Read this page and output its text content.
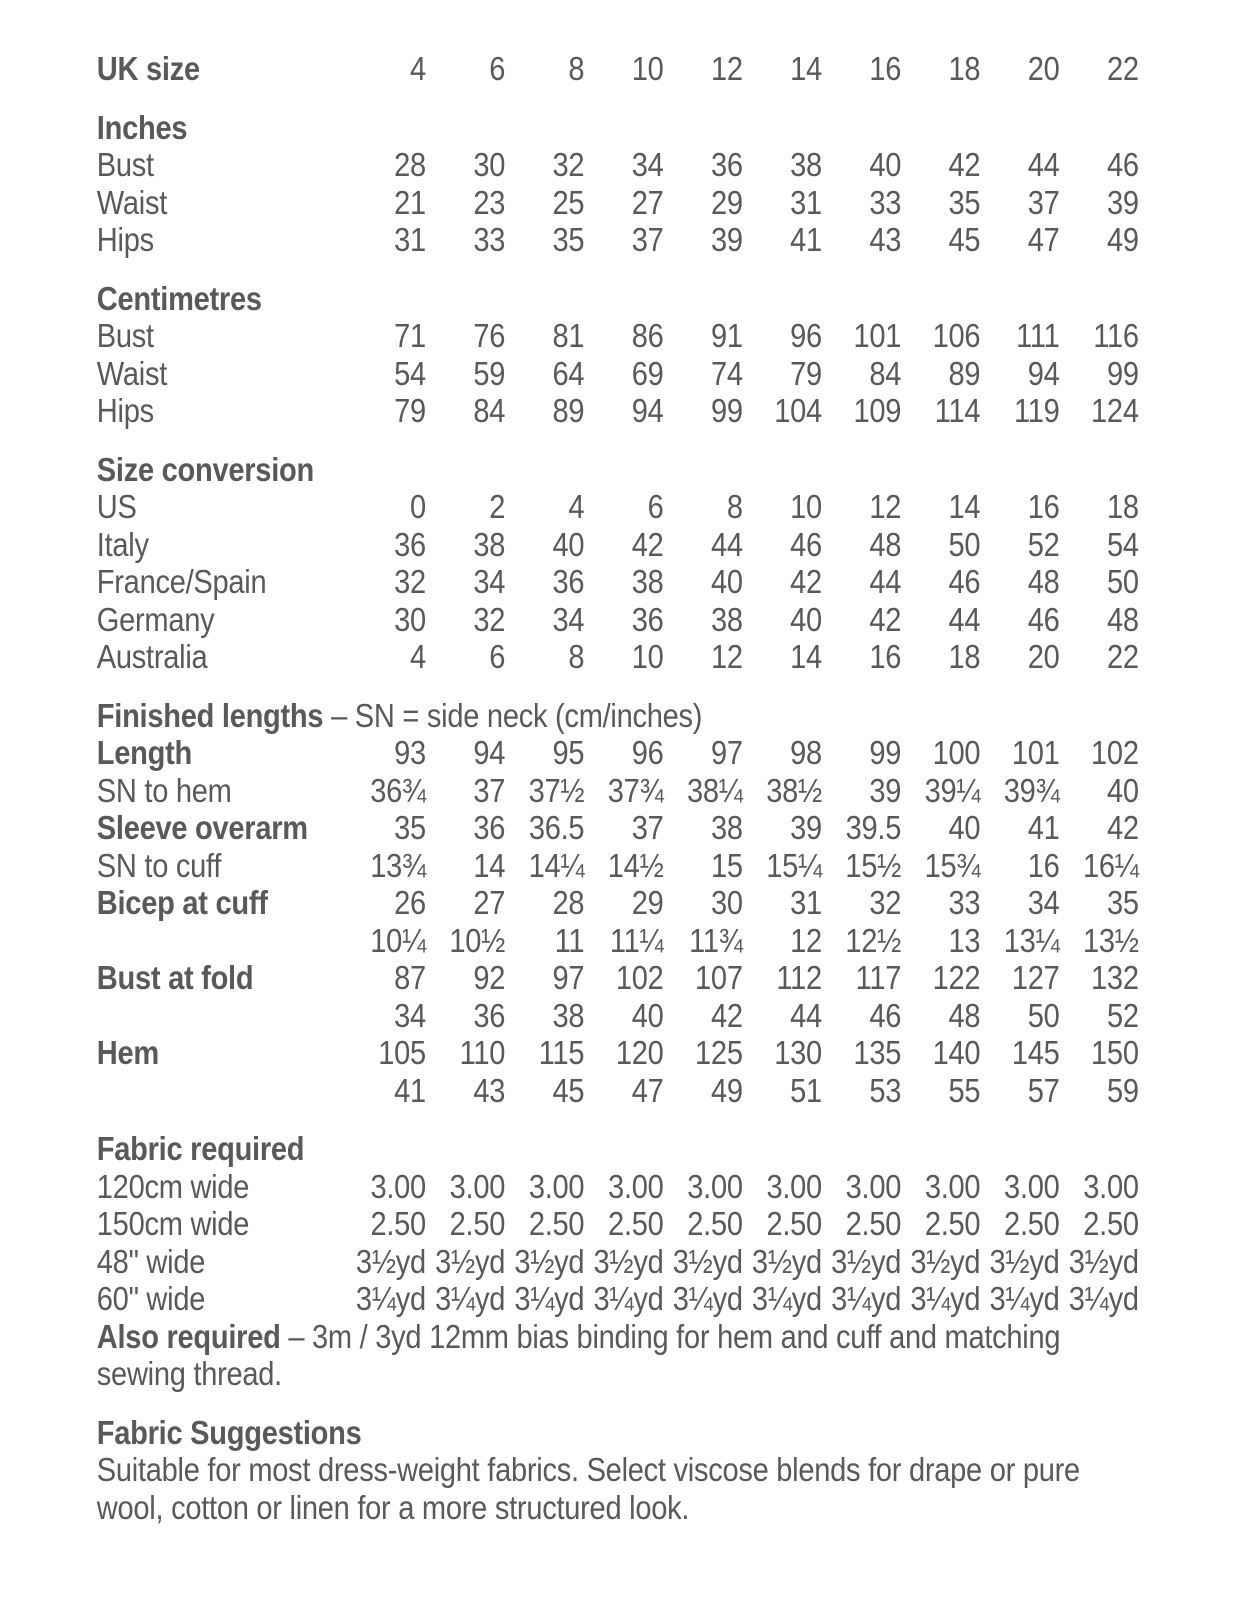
UK size	4	6	8	10	12	14	16	18	20	22
Inches
Bust	28	30	32	34	36	38	40	42	44	46
Waist	21	23	25	27	29	31	33	35	37	39
Hips	31	33	35	37	39	41	43	45	47	49
Centimetres
Bust	71	76	81	86	91	96 101 106	111	116
Waist	54	59	64	69	74	79	84	89	94	99
Hips	79	84	89	94	99 104 109	114	119 124
Size conversion
US	0	2	4	6	8	10	12	14	16	18
Italy	36	38	40	42	44	46	48	50	52	54
France/Spain	32	34	36	38	40	42	44	46	48	50
Germany	30	32	34	36	38	40	42	44	46	48
Australia	4	6	8	10	12	14	16	18	20	22
Finished lengths – SN = side neck (cm/inches)
Length	93	94	95	96	97	98	99 100 101 102
SN to hem	36¾	37 37½ 37¾ 38¼ 38½	39 39¼ 39¾	40
Sleeve overarm	35	36 36.5	37	38	39 39.5	40	41	42
SN to cuff	13¾	14 14¼ 14½	15 15¼ 15½ 15¾	16 16¼
Bicep at cuff	26	27	28	29	30	31	32	33	34	35
10¼ 10½	11 11¼ 11¾	12 12½	13 13¼ 13½
Bust at fold	87	92	97 102 107	112	117 122 127 132
34	36	38	40	42	44	46	48	50	52
Hem	105	110	115 120 125 130 135 140 145 150
41	43	45	47	49	51	53	55	57	59
Fabric required
120cm wide	3.00 3.00 3.00 3.00 3.00 3.00 3.00 3.00 3.00 3.00
150cm wide	2.50 2.50 2.50 2.50 2.50 2.50 2.50 2.50 2.50 2.50
48" wide	3½yd 3½yd 3½yd 3½yd 3½yd 3½yd 3½yd 3½yd 3½yd 3½yd
60" wide	3¼yd 3¼yd 3¼yd 3¼yd 3¼yd 3¼yd 3¼yd 3¼yd 3¼yd 3¼yd

Also required – 3m / 3yd 12mm bias binding for hem and cuff and matching sewing thread.

Fabric Suggestions

Suitable for most dress-weight fabrics. Select viscose blends for drape or pure wool, cotton or linen for a more structured look.
